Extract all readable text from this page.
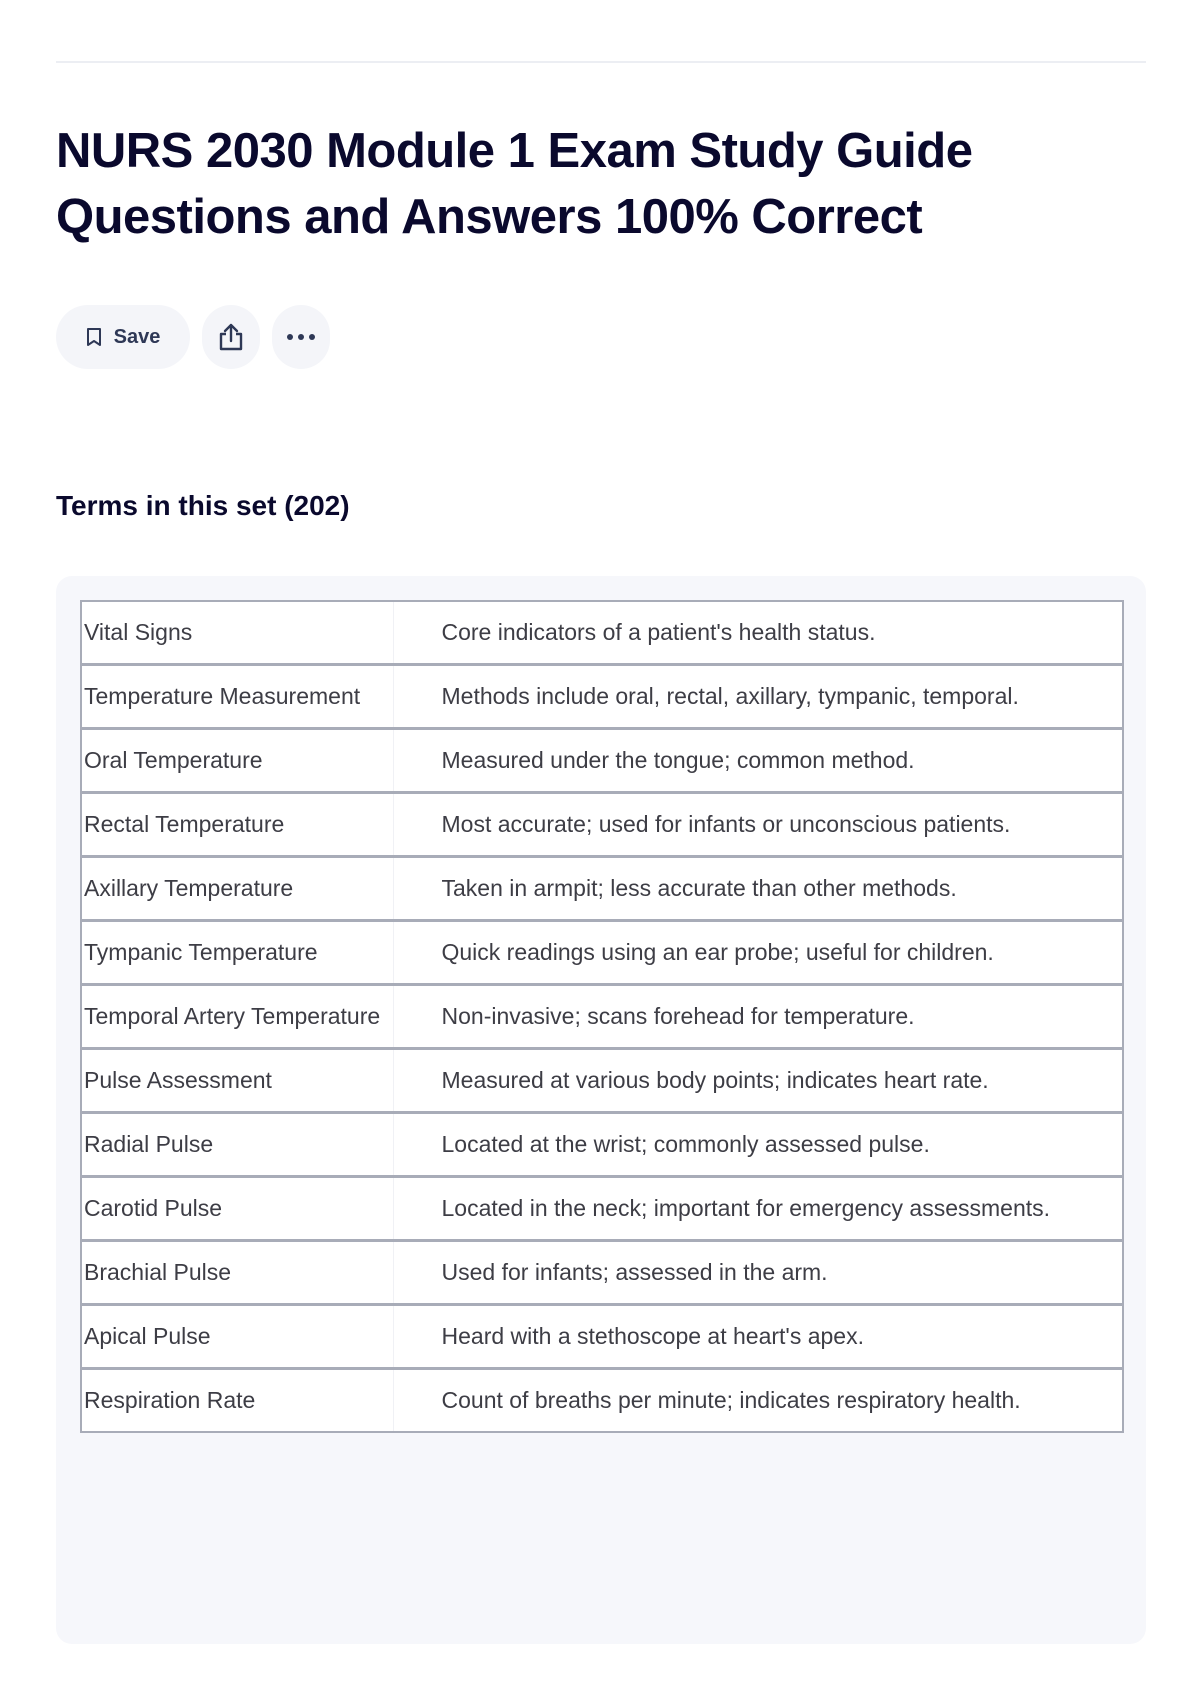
NURS 2030 Module 1 Exam Study Guide Questions and Answers 100% Correct
Save
Terms in this set (202)
Vital Signs	Core indicators of a patient's health status.
Temperature Measurement	Methods include oral, rectal, axillary, tympanic, temporal.
Oral Temperature	Measured under the tongue; common method.
Rectal Temperature	Most accurate; used for infants or unconscious patients.
Axillary Temperature	Taken in armpit; less accurate than other methods.
Tympanic Temperature	Quick readings using an ear probe; useful for children.
Temporal Artery Temperature	Non-invasive; scans forehead for temperature.
Pulse Assessment	Measured at various body points; indicates heart rate.
Radial Pulse	Located at the wrist; commonly assessed pulse.
Carotid Pulse	Located in the neck; important for emergency assessments.
Brachial Pulse	Used for infants; assessed in the arm.
Apical Pulse	Heard with a stethoscope at heart's apex.
Respiration Rate	Count of breaths per minute; indicates respiratory health.
